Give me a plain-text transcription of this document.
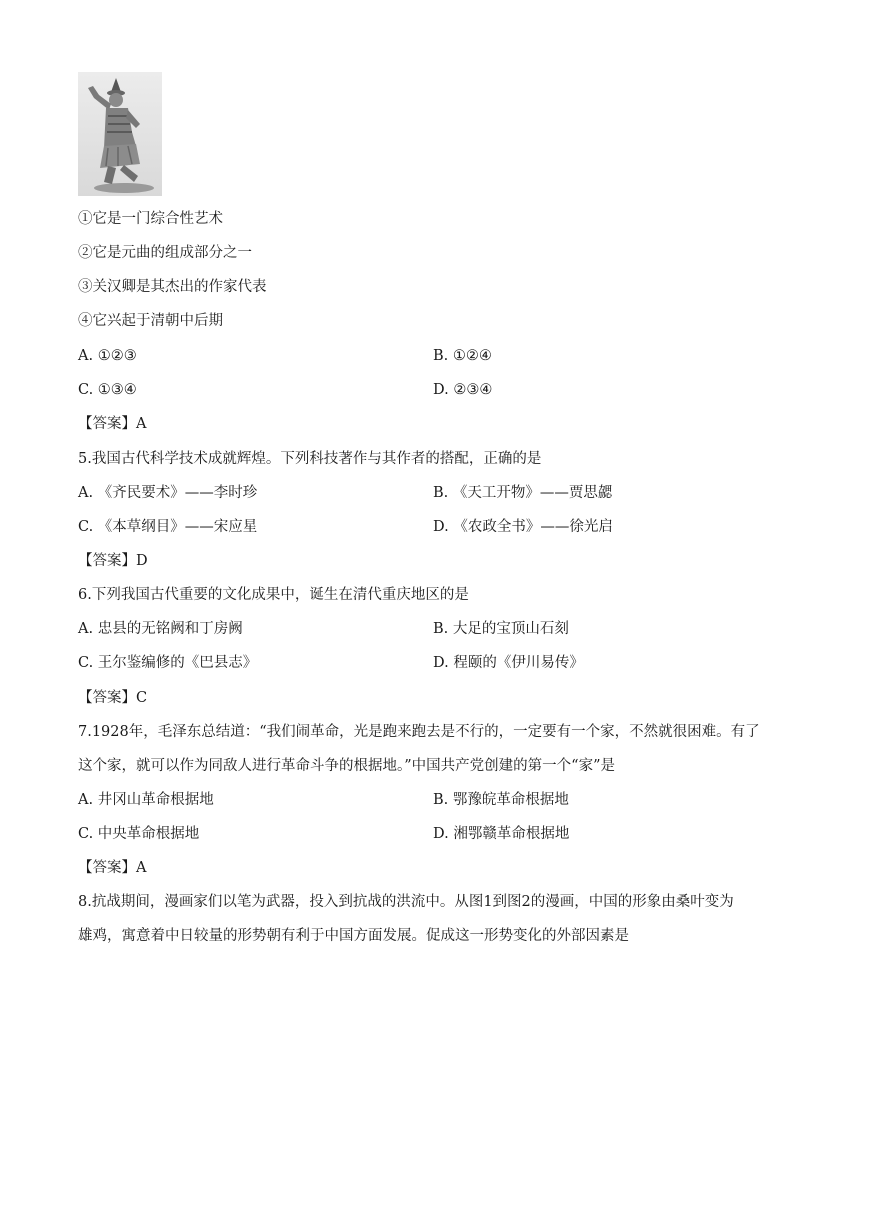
①它是一门综合性艺术
②它是元曲的组成部分之一
③关汉卿是其杰出的作家代表
④它兴起于清朝中后期
A. ①②③	B. ①②④
C. ①③④	D. ②③④
【答案】A
5.我国古代科学技术成就辉煌。下列科技著作与其作者的搭配，正确的是
A. 《齐民要术》——李时珍	B. 《天工开物》——贾思勰
C. 《本草纲目》——宋应星	D. 《农政全书》——徐光启
【答案】D
6.下列我国古代重要的文化成果中，诞生在清代重庆地区的是
A. 忠县的无铭阙和丁房阙	B. 大足的宝顶山石刻
C. 王尔鉴编修的《巴县志》	D. 程颐的《伊川易传》
【答案】C
7.1928年，毛泽东总结道：“我们闹革命，光是跑来跑去是不行的，一定要有一个家，不然就很困难。有了
这个家，就可以作为同敌人进行革命斗争的根据地。”中国共产党创建的第一个“家”是
A. 井冈山革命根据地	B. 鄂豫皖革命根据地
C. 中央革命根据地	D. 湘鄂赣革命根据地
【答案】A
8.抗战期间，漫画家们以笔为武器，投入到抗战的洪流中。从图1到图2的漫画，中国的形象由桑叶变为
雄鸡，寓意着中日较量的形势朝有利于中国方面发展。促成这一形势变化的外部因素是
